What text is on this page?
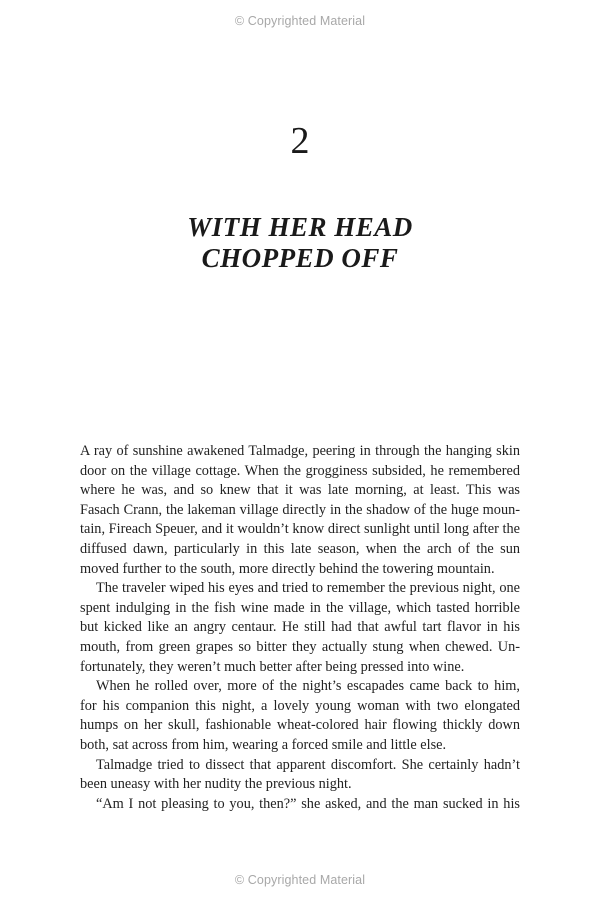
© Copyrighted Material
2
WITH HER HEAD
CHOPPED OFF
A ray of sunshine awakened Talmadge, peering in through the hanging skin
door on the village cottage. When the grogginess subsided, he remembered
where he was, and so knew that it was late morning, at least. This was
Fasach Crann, the lakeman village directly in the shadow of the huge moun-
tain, Fireach Speuer, and it wouldn’t know direct sunlight until long after the
diffused dawn, particularly in this late season, when the arch of the sun
moved further to the south, more directly behind the towering mountain.
The traveler wiped his eyes and tried to remember the previous night, one
spent indulging in the fish wine made in the village, which tasted horrible
but kicked like an angry centaur. He still had that awful tart flavor in his
mouth, from green grapes so bitter they actually stung when chewed. Un-
fortunately, they weren’t much better after being pressed into wine.
When he rolled over, more of the night’s escapades came back to him,
for his companion this night, a lovely young woman with two elongated
humps on her skull, fashionable wheat-colored hair flowing thickly down
both, sat across from him, wearing a forced smile and little else.
Talmadge tried to dissect that apparent discomfort. She certainly hadn’t
been uneasy with her nudity the previous night.
“Am I not pleasing to you, then?” she asked, and the man sucked in his
© Copyrighted Material
